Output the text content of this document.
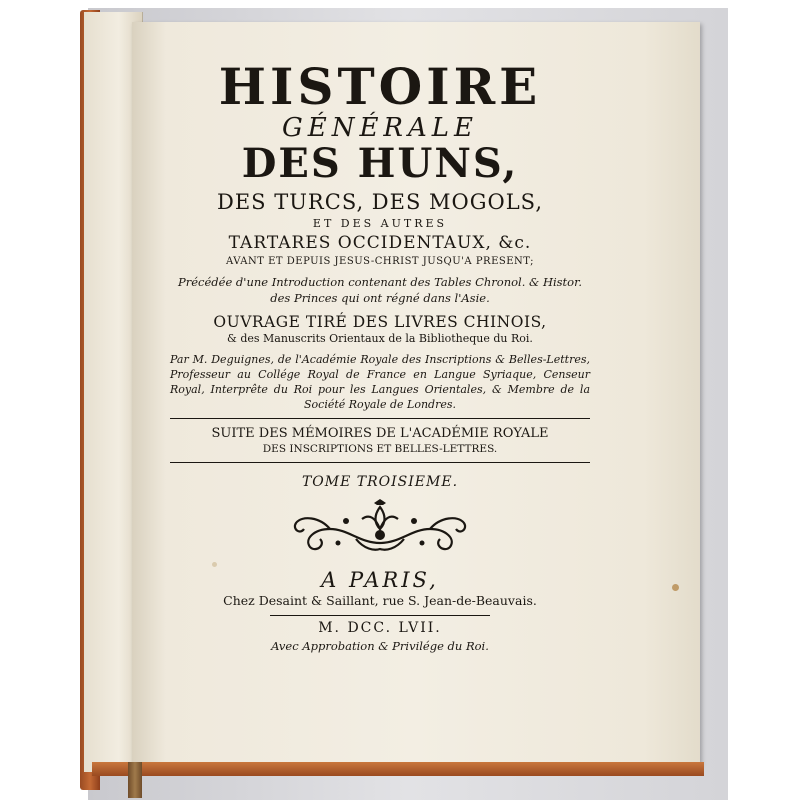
HISTOIRE

GÉNÉRALE

DES HUNS,

DES TURCS, DES MOGOLS,

ET DES AUTRES

TARTARES OCCIDENTAUX, &c.

AVANT ET DEPUIS JESUS-CHRIST JUSQU'A PRESENT;

Précédée d'une Introduction contenant des Tables Chronol. & Histor. des Princes qui ont régné dans l'Asie.

OUVRAGE TIRÉ DES LIVRES CHINOIS,

& des Manuscrits Orientaux de la Bibliotheque du Roi.

Par M. Deguignes, de l'Académie Royale des Inscriptions & Belles-Lettres, Professeur au Collége Royal de France en Langue Syriaque, Censeur Royal, Interprête du Roi pour les Langues Orientales, & Membre de la Société Royale de Londres.

SUITE DES MÉMOIRES DE L'ACADÉMIE ROYALE

DES INSCRIPTIONS ET BELLES-LETTRES.

TOME TROISIEME.

A PARIS,

Chez Desaint & Saillant, rue S. Jean-de-Beauvais.

M. DCC. LVII.

Avec Approbation & Privilége du Roi.
